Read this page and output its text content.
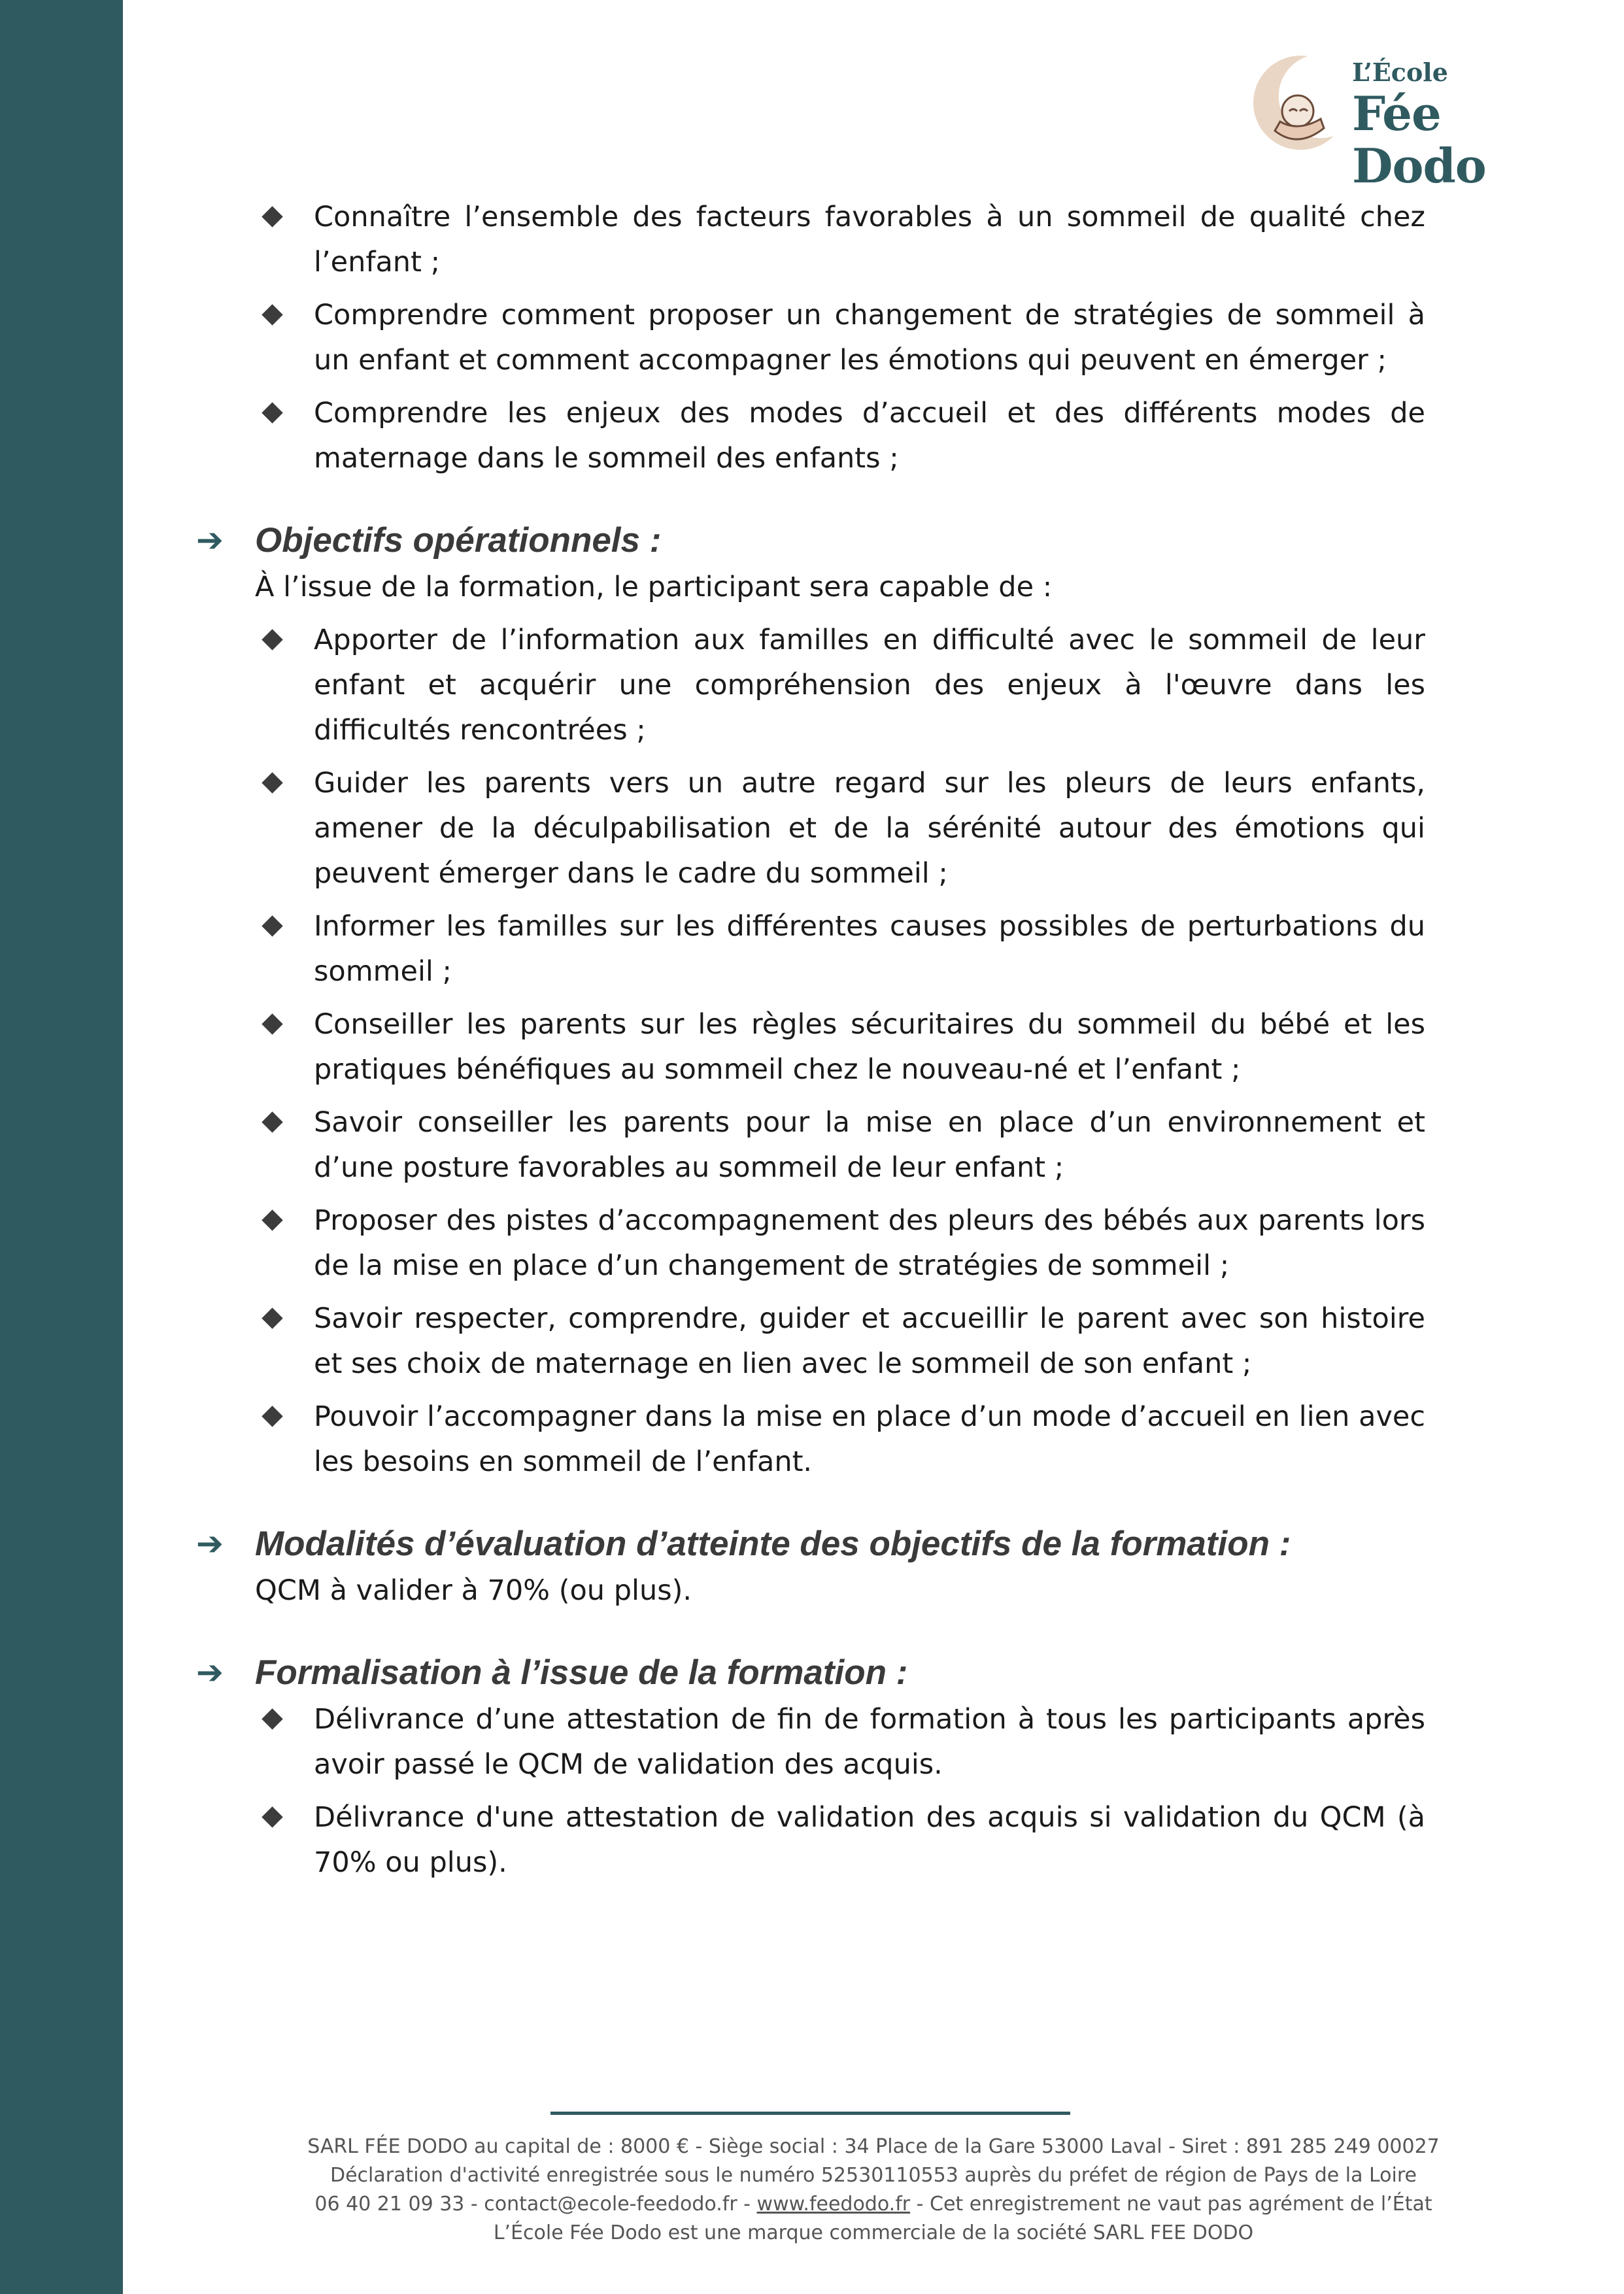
L’École
Fée Dodo
Connaître l’ensemble des facteurs favorables à un sommeil de qualité chez l’enfant ;
Comprendre comment proposer un changement de stratégies de sommeil à un enfant et comment accompagner les émotions qui peuvent en émerger ;
Comprendre les enjeux des modes d’accueil et des différents modes de maternage dans le sommeil des enfants ;
➔ Objectifs opérationnels :
À l’issue de la formation, le participant sera capable de :
Apporter de l’information aux familles en difficulté avec le sommeil de leur enfant et acquérir une compréhension des enjeux à l'œuvre dans les difficultés rencontrées ;
Guider les parents vers un autre regard sur les pleurs de leurs enfants, amener de la déculpabilisation et de la sérénité autour des émotions qui peuvent émerger dans le cadre du sommeil ;
Informer les familles sur les différentes causes possibles de perturbations du sommeil ;
Conseiller les parents sur les règles sécuritaires du sommeil du bébé et les pratiques bénéfiques au sommeil chez le nouveau-né et l’enfant ;
Savoir conseiller les parents pour la mise en place d’un environnement et d’une posture favorables au sommeil de leur enfant ;
Proposer des pistes d’accompagnement des pleurs des bébés aux parents lors de la mise en place d’un changement de stratégies de sommeil ;
Savoir respecter, comprendre, guider et accueillir le parent avec son histoire et ses choix de maternage en lien avec le sommeil de son enfant ;
Pouvoir l’accompagner dans la mise en place d’un mode d’accueil en lien avec les besoins en sommeil de l’enfant.
➔ Modalités d’évaluation d’atteinte des objectifs de la formation :
QCM à valider à 70% (ou plus).
➔ Formalisation à l’issue de la formation :
Délivrance d’une attestation de fin de formation à tous les participants après avoir passé le QCM de validation des acquis.
Délivrance d'une attestation de validation des acquis si validation du QCM (à 70% ou plus).
SARL FÉE DODO au capital de : 8000 € - Siège social : 34 Place de la Gare 53000 Laval - Siret : 891 285 249 00027
Déclaration d'activité enregistrée sous le numéro 52530110553 auprès du préfet de région de Pays de la Loire
06 40 21 09 33 - contact@ecole-feedodo.fr - www.feedodo.fr - Cet enregistrement ne vaut pas agrément de l’État
L’École Fée Dodo est une marque commerciale de la société SARL FEE DODO
